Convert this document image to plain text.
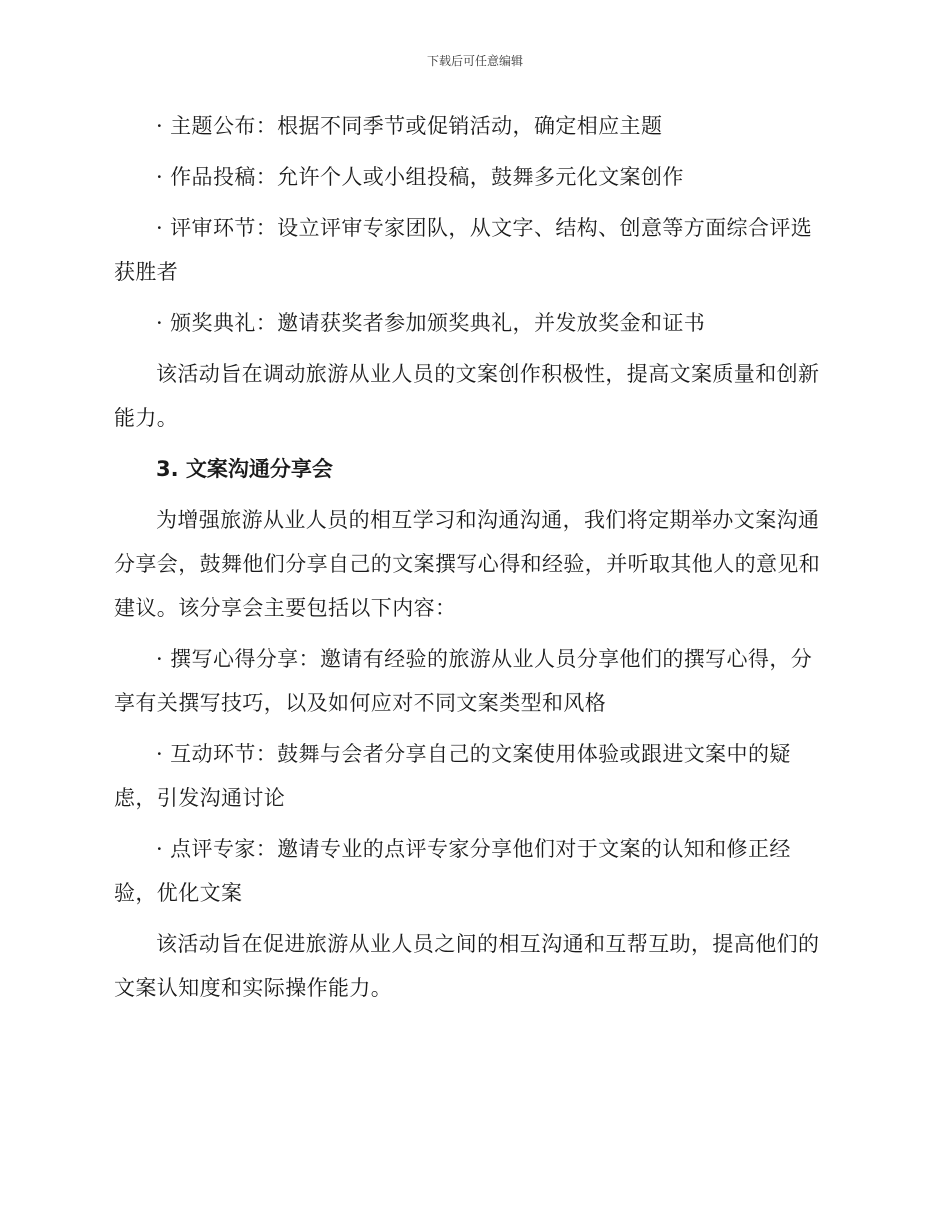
下载后可任意编辑

· 主题公布：根据不同季节或促销活动，确定相应主题

· 作品投稿：允许个人或小组投稿，鼓舞多元化文案创作

· 评审环节：设立评审专家团队，从文字、结构、创意等方面综合评选获胜者

· 颁奖典礼：邀请获奖者参加颁奖典礼，并发放奖金和证书

该活动旨在调动旅游从业人员的文案创作积极性，提高文案质量和创新能力。

3. 文案沟通分享会

为增强旅游从业人员的相互学习和沟通沟通，我们将定期举办文案沟通分享会，鼓舞他们分享自己的文案撰写心得和经验，并听取其他人的意见和建议。该分享会主要包括以下内容：

· 撰写心得分享：邀请有经验的旅游从业人员分享他们的撰写心得，分享有关撰写技巧，以及如何应对不同文案类型和风格

· 互动环节：鼓舞与会者分享自己的文案使用体验或跟进文案中的疑虑，引发沟通讨论

· 点评专家：邀请专业的点评专家分享他们对于文案的认知和修正经验，优化文案

该活动旨在促进旅游从业人员之间的相互沟通和互帮互助，提高他们的文案认知度和实际操作能力。
